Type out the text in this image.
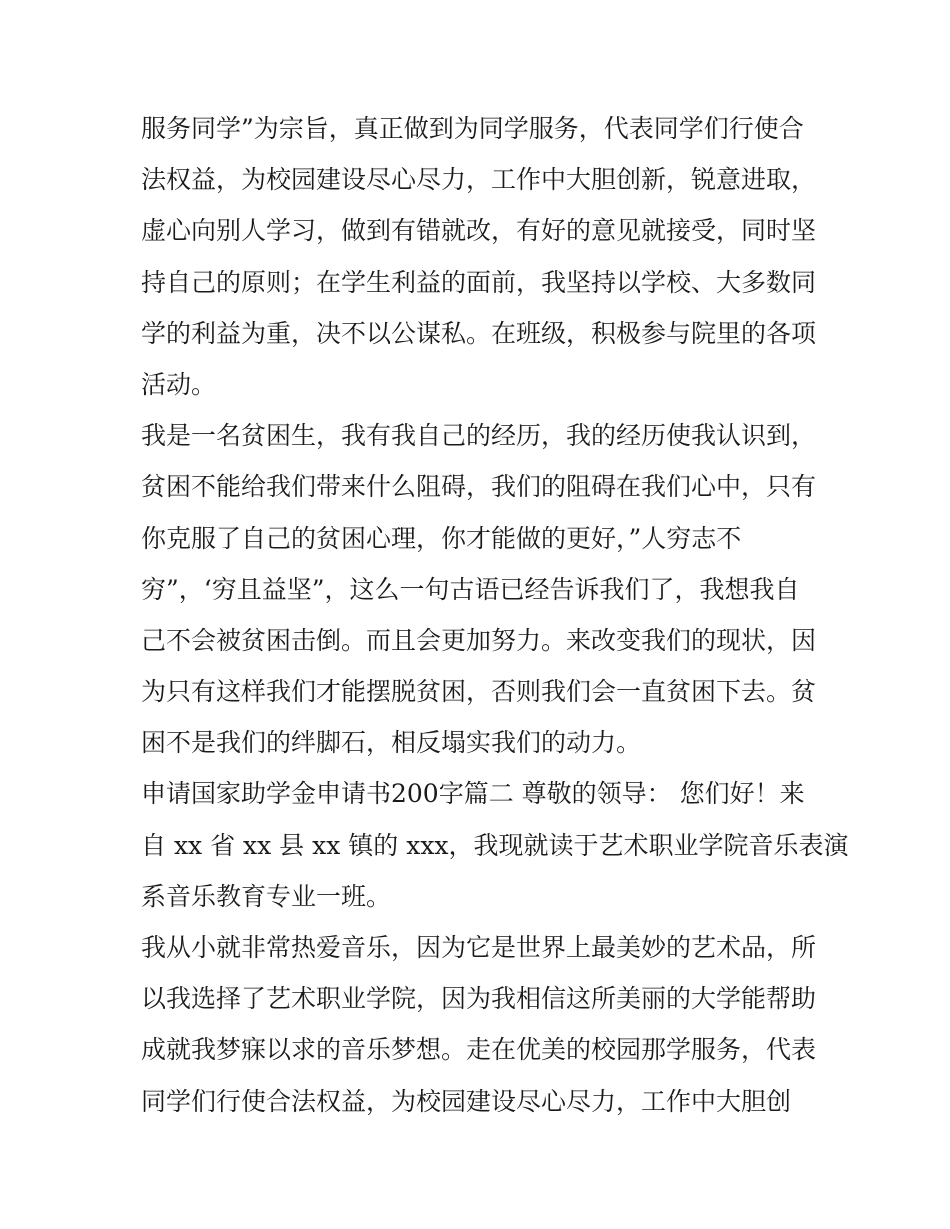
服务同学”为宗旨，真正做到为同学服务，代表同学们行使合
法权益，为校园建设尽心尽力，工作中大胆创新，锐意进取，
虚心向别人学习，做到有错就改，有好的意见就接受，同时坚
持自己的原则；在学生利益的面前，我坚持以学校、大多数同
学的利益为重，决不以公谋私。在班级，积极参与院里的各项
活动。
我是一名贫困生，我有我自己的经历，我的经历使我认识到，
贫困不能给我们带来什么阻碍，我们的阻碍在我们心中，只有
你克服了自己的贫困心理，你才能做的更好，”人穷志不
穷”，‘穷且益坚”，这么一句古语已经告诉我们了，我想我自
己不会被贫困击倒。而且会更加努力。来改变我们的现状，因
为只有这样我们才能摆脱贫困，否则我们会一直贫困下去。贫
困不是我们的绊脚石，相反塌实我们的动力。
申请国家助学金申请书200字篇二 尊敬的领导： 您们好！来
自 xx 省 xx 县 xx 镇的 xxx，我现就读于艺术职业学院音乐表演
系音乐教育专业一班。
我从小就非常热爱音乐，因为它是世界上最美妙的艺术品，所
以我选择了艺术职业学院，因为我相信这所美丽的大学能帮助
成就我梦寐以求的音乐梦想。走在优美的校园那学服务，代表
同学们行使合法权益，为校园建设尽心尽力，工作中大胆创
